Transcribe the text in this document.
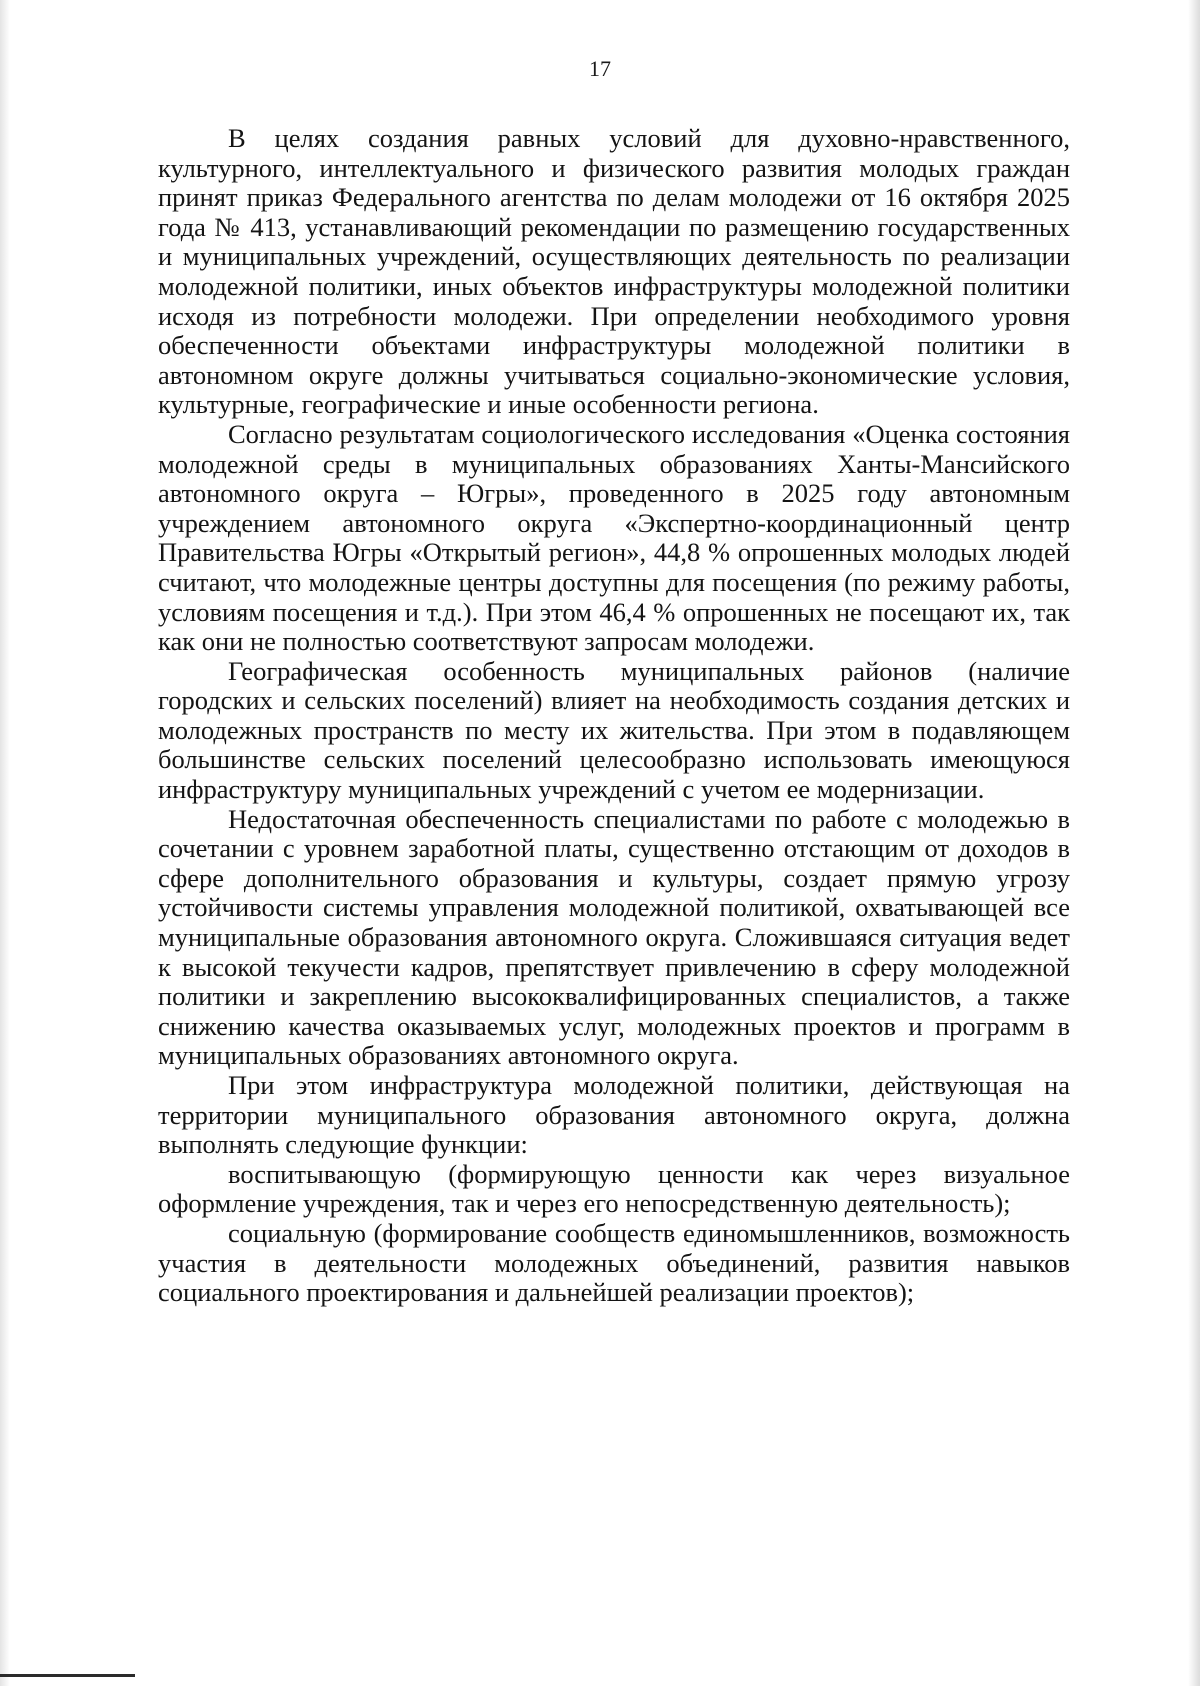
17

В целях создания равных условий для духовно-нравственного, культурного, интеллектуального и физического развития молодых граждан принят приказ Федерального агентства по делам молодежи от 16 октября 2025 года № 413, устанавливающий рекомендации по размещению государственных и муниципальных учреждений, осуществляющих деятельность по реализации молодежной политики, иных объектов инфраструктуры молодежной политики исходя из потребности молодежи. При определении необходимого уровня обеспеченности объектами инфраструктуры молодежной политики в автономном округе должны учитываться социально-экономические условия, культурные, географические и иные особенности региона.

Согласно результатам социологического исследования «Оценка состояния молодежной среды в муниципальных образованиях Ханты-Мансийского автономного округа – Югры», проведенного в 2025 году автономным учреждением автономного округа «Экспертно-координационный центр Правительства Югры «Открытый регион», 44,8 % опрошенных молодых людей считают, что молодежные центры доступны для посещения (по режиму работы, условиям посещения и т.д.). При этом 46,4 % опрошенных не посещают их, так как они не полностью соответствуют запросам молодежи.

Географическая особенность муниципальных районов (наличие городских и сельских поселений) влияет на необходимость создания детских и молодежных пространств по месту их жительства. При этом в подавляющем большинстве сельских поселений целесообразно использовать имеющуюся инфраструктуру муниципальных учреждений с учетом ее модернизации.

Недостаточная обеспеченность специалистами по работе с молодежью в сочетании с уровнем заработной платы, существенно отстающим от доходов в сфере дополнительного образования и культуры, создает прямую угрозу устойчивости системы управления молодежной политикой, охватывающей все муниципальные образования автономного округа. Сложившаяся ситуация ведет к высокой текучести кадров, препятствует привлечению в сферу молодежной политики и закреплению высококвалифицированных специалистов, а также снижению качества оказываемых услуг, молодежных проектов и программ в муниципальных образованиях автономного округа.

При этом инфраструктура молодежной политики, действующая на территории муниципального образования автономного округа, должна выполнять следующие функции:

воспитывающую (формирующую ценности как через визуальное оформление учреждения, так и через его непосредственную деятельность);

социальную (формирование сообществ единомышленников, возможность участия в деятельности молодежных объединений, развития навыков социального проектирования и дальнейшей реализации проектов);
